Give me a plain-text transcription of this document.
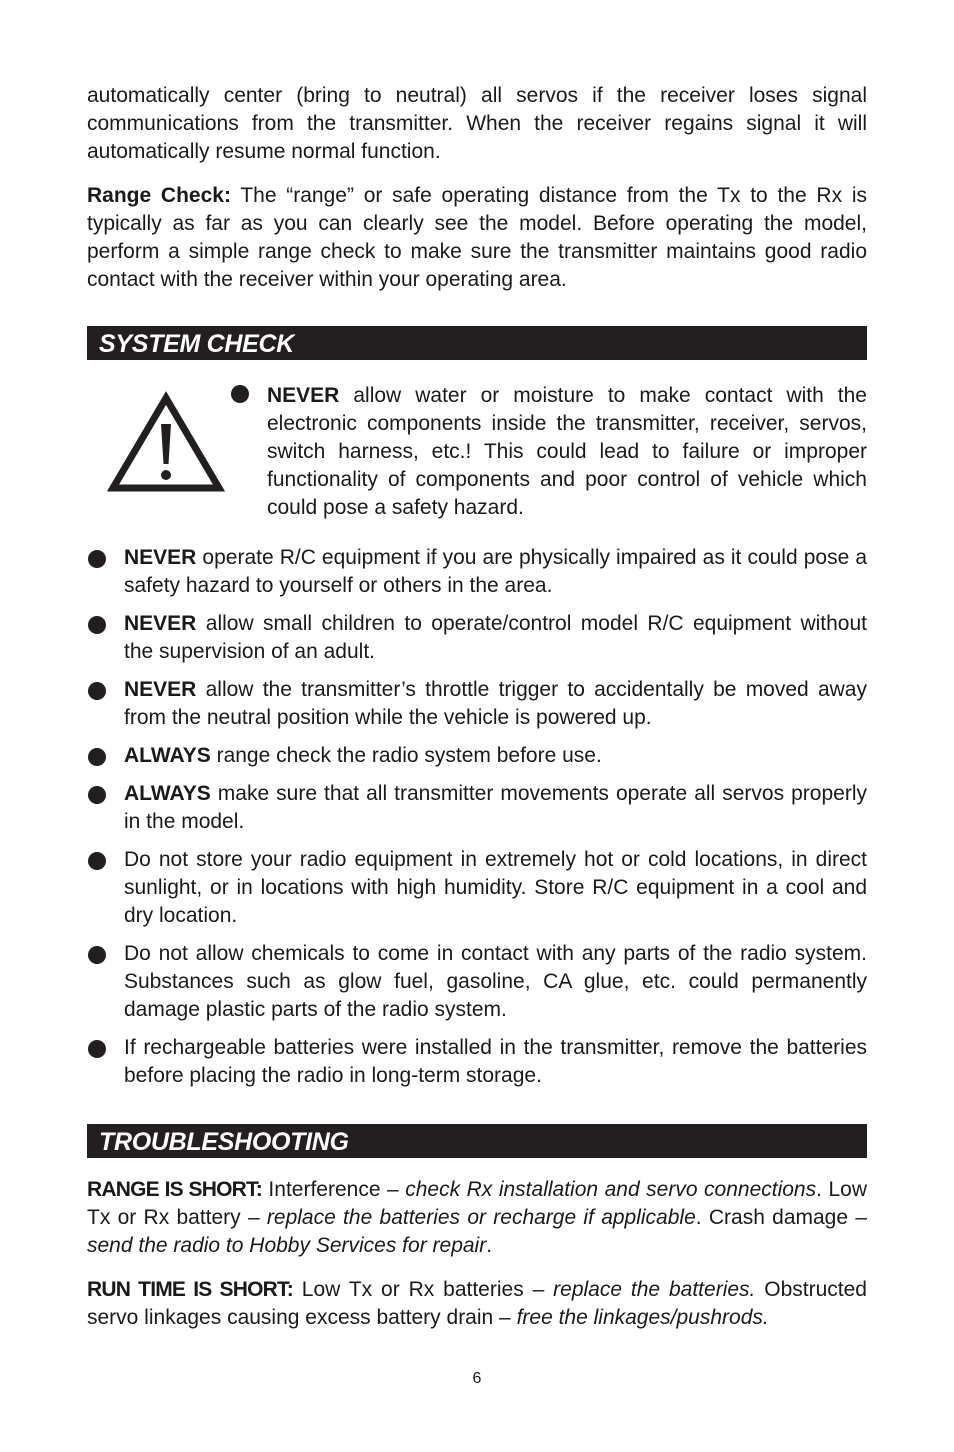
automatically center (bring to neutral) all servos if the receiver loses signal communications from the transmitter. When the receiver regains signal it will automatically resume normal function.

Range Check: The “range” or safe operating distance from the Tx to the Rx is typically as far as you can clearly see the model. Before operating the model, perform a simple range check to make sure the transmitter maintains good radio contact with the receiver within your operating area.

SYSTEM CHECK

NEVER allow water or moisture to make contact with the electronic components inside the transmitter, receiver, servos, switch harness, etc.! This could lead to failure or improper functionality of components and poor control of vehicle which could pose a safety hazard.

NEVER operate R/C equipment if you are physically impaired as it could pose a safety hazard to yourself or others in the area.

NEVER allow small children to operate/control model R/C equipment without the supervision of an adult.

NEVER allow the transmitter’s throttle trigger to accidentally be moved away from the neutral position while the vehicle is powered up.

ALWAYS range check the radio system before use.

ALWAYS make sure that all transmitter movements operate all servos properly in the model.

Do not store your radio equipment in extremely hot or cold locations, in direct sunlight, or in locations with high humidity. Store R/C equipment in a cool and dry location.

Do not allow chemicals to come in contact with any parts of the radio system. Substances such as glow fuel, gasoline, CA glue, etc. could permanently damage plastic parts of the radio system.

If rechargeable batteries were installed in the transmitter, remove the batteries before placing the radio in long-term storage.

TROUBLESHOOTING

RANGE IS SHORT: Interference – check Rx installation and servo connections. Low Tx or Rx battery – replace the batteries or recharge if applicable. Crash damage – send the radio to Hobby Services for repair.

RUN TIME IS SHORT: Low Tx or Rx batteries – replace the batteries. Obstructed servo linkages causing excess battery drain – free the linkages/pushrods.

6
